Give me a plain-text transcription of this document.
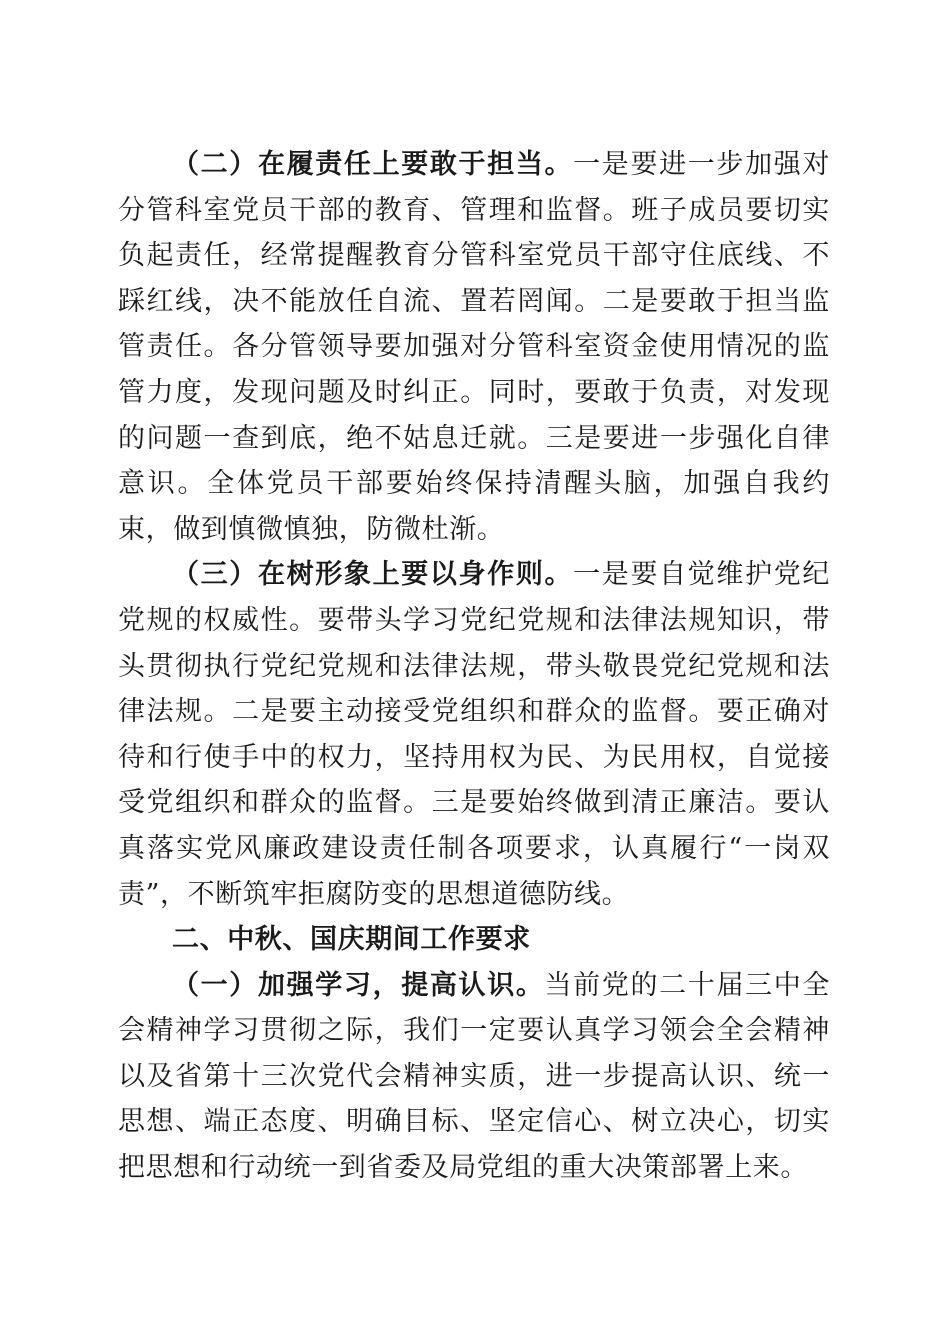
（二）在履责任上要敢于担当。一是要进一步加强对分管科室党员干部的教育、管理和监督。班子成员要切实负起责任，经常提醒教育分管科室党员干部守住底线、不踩红线，决不能放任自流、置若罔闻。二是要敢于担当监管责任。各分管领导要加强对分管科室资金使用情况的监管力度，发现问题及时纠正。同时，要敢于负责，对发现的问题一查到底，绝不姑息迁就。三是要进一步强化自律意识。全体党员干部要始终保持清醒头脑，加强自我约束，做到慎微慎独，防微杜渐。

（三）在树形象上要以身作则。一是要自觉维护党纪党规的权威性。要带头学习党纪党规和法律法规知识，带头贯彻执行党纪党规和法律法规，带头敬畏党纪党规和法律法规。二是要主动接受党组织和群众的监督。要正确对待和行使手中的权力，坚持用权为民、为民用权，自觉接受党组织和群众的监督。三是要始终做到清正廉洁。要认真落实党风廉政建设责任制各项要求，认真履行“一岗双责”，不断筑牢拒腐防变的思想道德防线。

二、中秋、国庆期间工作要求

（一）加强学习，提高认识。当前党的二十届三中全会精神学习贯彻之际，我们一定要认真学习领会全会精神以及省第十三次党代会精神实质，进一步提高认识、统一思想、端正态度、明确目标、坚定信心、树立决心，切实把思想和行动统一到省委及局党组的重大决策部署上来。
